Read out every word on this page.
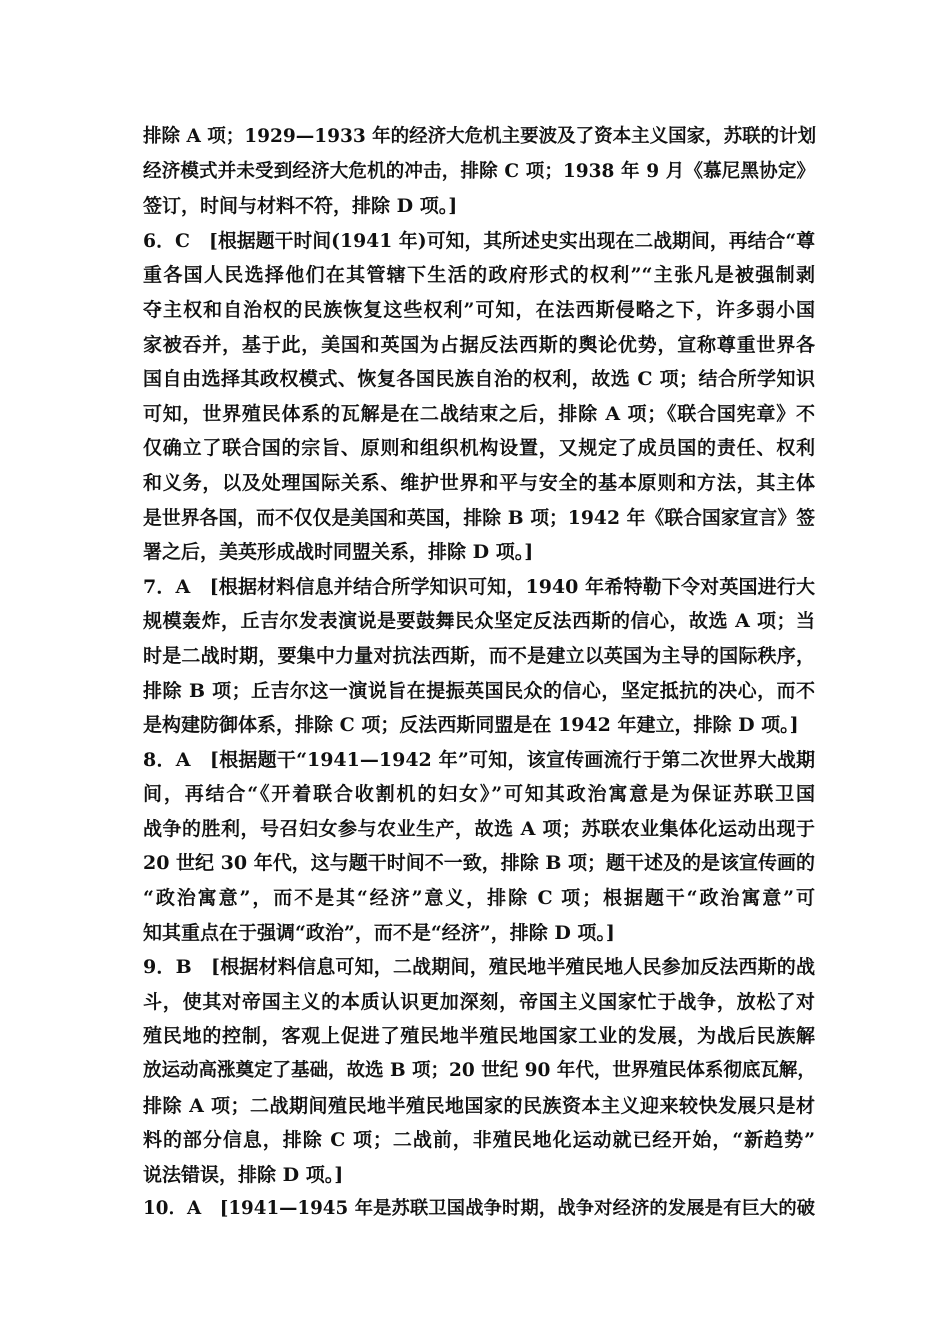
排除 A 项；1929—1933 年的经济大危机主要波及了资本主义国家，苏联的计划
经济模式并未受到经济大危机的冲击，排除 C 项；1938 年 9 月《慕尼黑协定》
签订，时间与材料不符，排除 D 项。]
6．C　[根据题干时间(1941 年)可知，其所述史实出现在二战期间，再结合“尊
重各国人民选择他们在其管辖下生活的政府形式的权利”“主张凡是被强制剥
夺主权和自治权的民族恢复这些权利”可知，在法西斯侵略之下，许多弱小国
家被吞并，基于此，美国和英国为占据反法西斯的舆论优势，宣称尊重世界各
国自由选择其政权模式、恢复各国民族自治的权利，故选 C 项；结合所学知识
可知，世界殖民体系的瓦解是在二战结束之后，排除 A 项；《联合国宪章》不
仅确立了联合国的宗旨、原则和组织机构设置，又规定了成员国的责任、权利
和义务，以及处理国际关系、维护世界和平与安全的基本原则和方法，其主体
是世界各国，而不仅仅是美国和英国，排除 B 项；1942 年《联合国家宣言》签
署之后，美英形成战时同盟关系，排除 D 项。]
7．A　[根据材料信息并结合所学知识可知，1940 年希特勒下令对英国进行大
规模轰炸，丘吉尔发表演说是要鼓舞民众坚定反法西斯的信心，故选 A 项；当
时是二战时期，要集中力量对抗法西斯，而不是建立以英国为主导的国际秩序，
排除 B 项；丘吉尔这一演说旨在提振英国民众的信心，坚定抵抗的决心，而不
是构建防御体系，排除 C 项；反法西斯同盟是在 1942 年建立，排除 D 项。]
8．A　[根据题干“1941—1942 年”可知，该宣传画流行于第二次世界大战期
间，再结合“《开着联合收割机的妇女》”可知其政治寓意是为保证苏联卫国
战争的胜利，号召妇女参与农业生产，故选 A 项；苏联农业集体化运动出现于
20 世纪 30 年代，这与题干时间不一致，排除 B 项；题干述及的是该宣传画的
“政治寓意”，而不是其“经济”意义，排除 C 项；根据题干“政治寓意”可
知其重点在于强调“政治”，而不是“经济”，排除 D 项。]
9．B　[根据材料信息可知，二战期间，殖民地半殖民地人民参加反法西斯的战
斗，使其对帝国主义的本质认识更加深刻，帝国主义国家忙于战争，放松了对
殖民地的控制，客观上促进了殖民地半殖民地国家工业的发展，为战后民族解
放运动高涨奠定了基础，故选 B 项；20 世纪 90 年代，世界殖民体系彻底瓦解，
排除 A 项；二战期间殖民地半殖民地国家的民族资本主义迎来较快发展只是材
料的部分信息，排除 C 项；二战前，非殖民地化运动就已经开始，“新趋势”
说法错误，排除 D 项。]
10．A　[1941—1945 年是苏联卫国战争时期，战争对经济的发展是有巨大的破
